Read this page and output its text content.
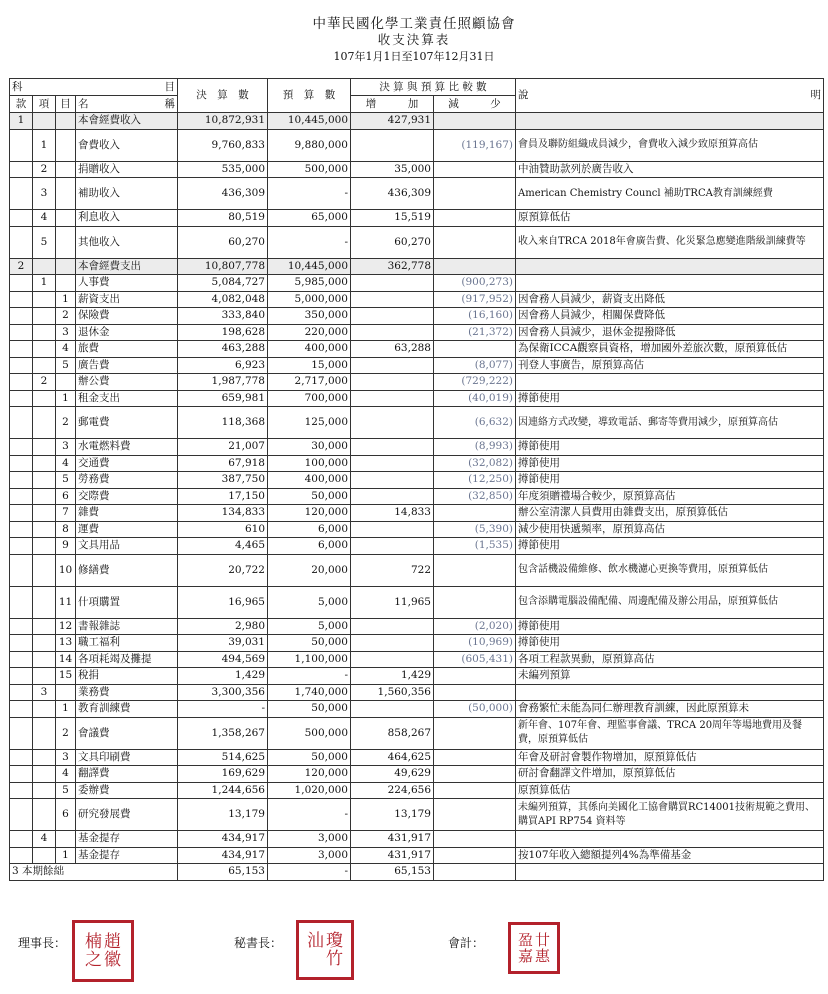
中華民國化學工業責任照顧協會
收支決算表
107年1月1日至107年12月31日
科 目				決　算　數	預　算　數	決 算 與 預 算 比 較 數		說 明

款	項	目	名 稱			增　　　加	減　　　少	
1			本會經費收入	10,872,931	10,445,000	427,931		
	1		會費收入	9,760,833	9,880,000		(119,167)	會員及聯防組織成員減少，會費收入減少致原預算高估
	2		捐贈收入	535,000	500,000	35,000		中油贊助款列於廣告收入
	3		補助收入	436,309	-	436,309		American Chemistry Councl 補助TRCA教育訓練經費
	4		利息收入	80,519	65,000	15,519		原預算低估
	5		其他收入	60,270	-	60,270		收入來自TRCA 2018年會廣告費、化災緊急應變進階級訓練費等
2			本會經費支出	10,807,778	10,445,000	362,778		
	1		人事費	5,084,727	5,985,000		(900,273)	
		1	薪資支出	4,082,048	5,000,000		(917,952)	因會務人員減少，薪資支出降低
		2	保險費	333,840	350,000		(16,160)	因會務人員減少，相關保費降低
		3	退休金	198,628	220,000		(21,372)	因會務人員減少，退休金提撥降低
		4	旅費	463,288	400,000	63,288		為保衛ICCA觀察員資格，增加國外差旅次數，原預算低估
		5	廣告費	6,923	15,000		(8,077)	刊登人事廣告，原預算高估
	2		辦公費	1,987,778	2,717,000		(729,222)	
		1	租金支出	659,981	700,000		(40,019)	撙節使用
		2	郵電費	118,368	125,000		(6,632)	因連絡方式改變，導致電話、郵寄等費用減少，原預算高估
		3	水電燃料費	21,007	30,000		(8,993)	撙節使用
		4	交通費	67,918	100,000		(32,082)	撙節使用
		5	勞務費	387,750	400,000		(12,250)	撙節使用
		6	交際費	17,150	50,000		(32,850)	年度須贈禮場合較少，原預算高估
		7	雜費	134,833	120,000	14,833		辦公室清潔人員費用由雜費支出，原預算低估
		8	運費	610	6,000		(5,390)	減少使用快遞頻率，原預算高估
		9	文具用品	4,465	6,000		(1,535)	撙節使用
		10	修繕費	20,722	20,000	722		包含話機設備維修、飲水機濾心更換等費用，原預算低估
		11	什項購置	16,965	5,000	11,965		包含添購電腦設備配備、周邊配備及辦公用品，原預算低估
		12	書報雜誌	2,980	5,000		(2,020)	撙節使用
		13	職工福利	39,031	50,000		(10,969)	撙節使用
		14	各項耗竭及攤提	494,569	1,100,000		(605,431)	各項工程款異動，原預算高估
		15	稅捐	1,429	-	1,429		未編列預算
	3		業務費	3,300,356	1,740,000	1,560,356		
		1	教育訓練費	-	50,000		(50,000)	會務繁忙未能為同仁辦理教育訓練，因此原預算未
		2	會議費	1,358,267	500,000	858,267		新年會、107年會、理監事會議、TRCA 20周年等場地費用及餐費，原預算低估
		3	文具印刷費	514,625	50,000	464,625		年會及研討會製作物增加，原預算低估
		4	翻譯費	169,629	120,000	49,629		研討會翻譯文件增加，原預算低估
		5	委辦費	1,244,656	1,020,000	224,656		原預算低估
		6	研究發展費	13,179	-	13,179		未編列預算，其係向美國化工協會購買RC14001技術規範之費用、購買API RP754 資料等
	4		基金提存	434,917	3,000	431,917		
		1	基金提存	434,917	3,000	431,917		按107年收入總額提列4%為準備基金
3 本期餘絀				65,153	-	65,153		
理事長： 楠 趙
之 徽
秘書長： 汕 瓊
竹
會計： 盈 廿
嘉 惠
